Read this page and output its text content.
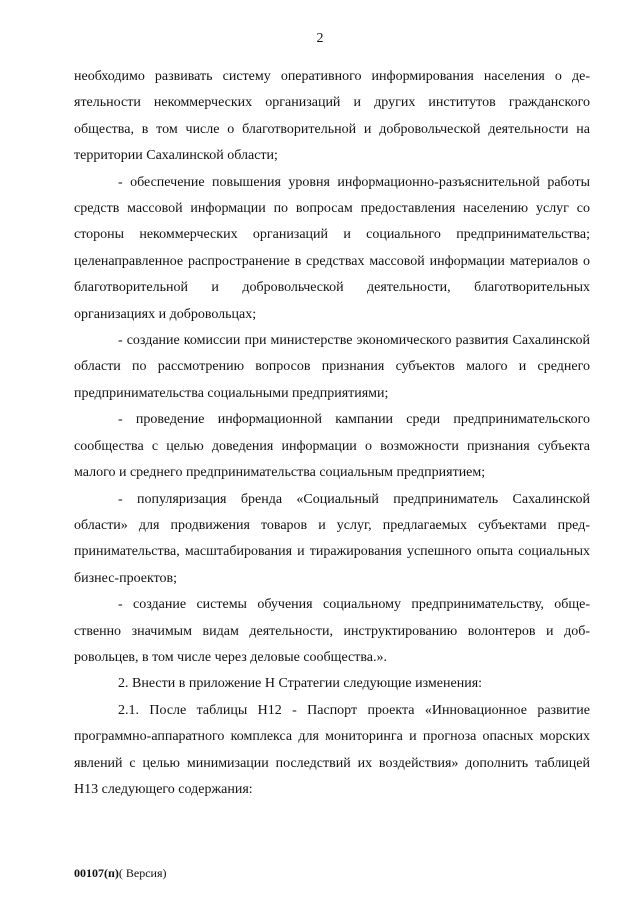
2

необходимо развивать систему оперативного информирования населения о деятельности некоммерческих организаций и других институтов гражданского общества, в том числе о благотворительной и добровольческой деятельности на территории Сахалинской области;

- обеспечение повышения уровня информационно-разъяснительной работы средств массовой информации по вопросам предоставления населению услуг со стороны некоммерческих организаций и социального предпринимательства; целенаправленное распространение в средствах массовой информации материалов о благотворительной и добровольческой деятельности, благотворительных организациях и добровольцах;

- создание комиссии при министерстве экономического развития Сахалинской области по рассмотрению вопросов признания субъектов малого и среднего предпринимательства социальными предприятиями;

- проведение информационной кампании среди предпринимательского сообщества с целью доведения информации о возможности признания субъекта малого и среднего предпринимательства социальным предприятием;

- популяризация бренда «Социальный предприниматель Сахалинской области» для продвижения товаров и услуг, предлагаемых субъектами предпринимательства, масштабирования и тиражирования успешного опыта социальных бизнес-проектов;

- создание системы обучения социальному предпринимательству, общественно значимым видам деятельности, инструктированию волонтеров и добровольцев, в том числе через деловые сообщества.».

2. Внести в приложение Н Стратегии следующие изменения:

2.1. После таблицы Н12 - Паспорт проекта «Инновационное развитие программно-аппаратного комплекса для мониторинга и прогноза опасных морских явлений с целью минимизации последствий их воздействия» дополнить таблицей Н13 следующего содержания:

00107(п)( Версия)
